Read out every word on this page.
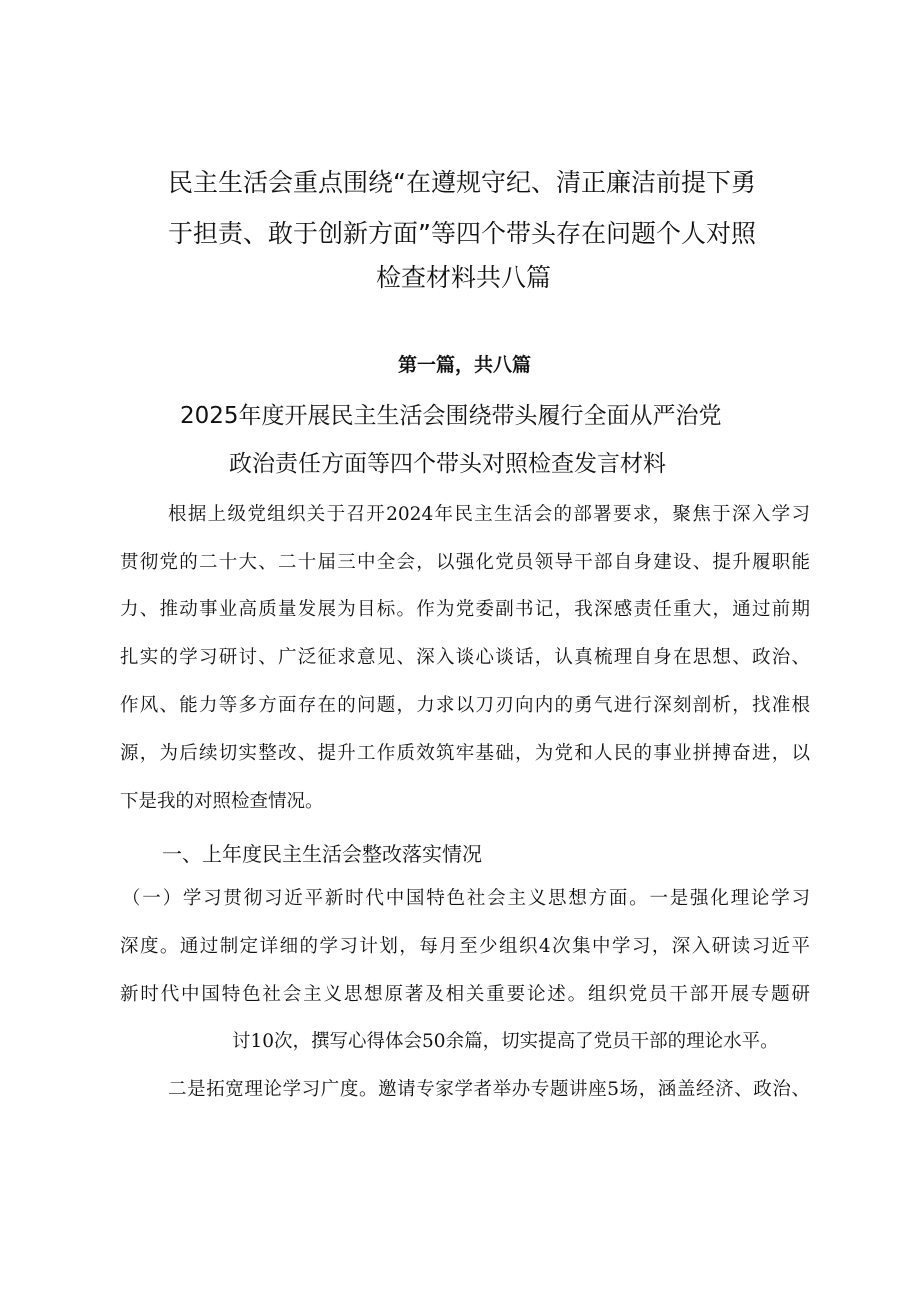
民主生活会重点围绕“在遵规守纪、清正廉洁前提下勇

于担责、敢于创新方面”等四个带头存在问题个人对照

检查材料共八篇

第一篇，共八篇

2025年度开展民主生活会围绕带头履行全面从严治党

政治责任方面等四个带头对照检查发言材料

根据上级党组织关于召开2024年民主生活会的部署要求，聚焦于深入学习

贯彻党的二十大、二十届三中全会，以强化党员领导干部自身建设、提升履职能

力、推动事业高质量发展为目标。作为党委副书记，我深感责任重大，通过前期

扎实的学习研讨、广泛征求意见、深入谈心谈话，认真梳理自身在思想、政治、

作风、能力等多方面存在的问题，力求以刀刃向内的勇气进行深刻剖析，找准根

源，为后续切实整改、提升工作质效筑牢基础，为党和人民的事业拼搏奋进，以

下是我的对照检查情况。

一、上年度民主生活会整改落实情况

（一）学习贯彻习近平新时代中国特色社会主义思想方面。一是强化理论学习

深度。通过制定详细的学习计划，每月至少组织4次集中学习，深入研读习近平

新时代中国特色社会主义思想原著及相关重要论述。组织党员干部开展专题研

讨10次，撰写心得体会50余篇，切实提高了党员干部的理论水平。

二是拓宽理论学习广度。邀请专家学者举办专题讲座5场，涵盖经济、政治、
